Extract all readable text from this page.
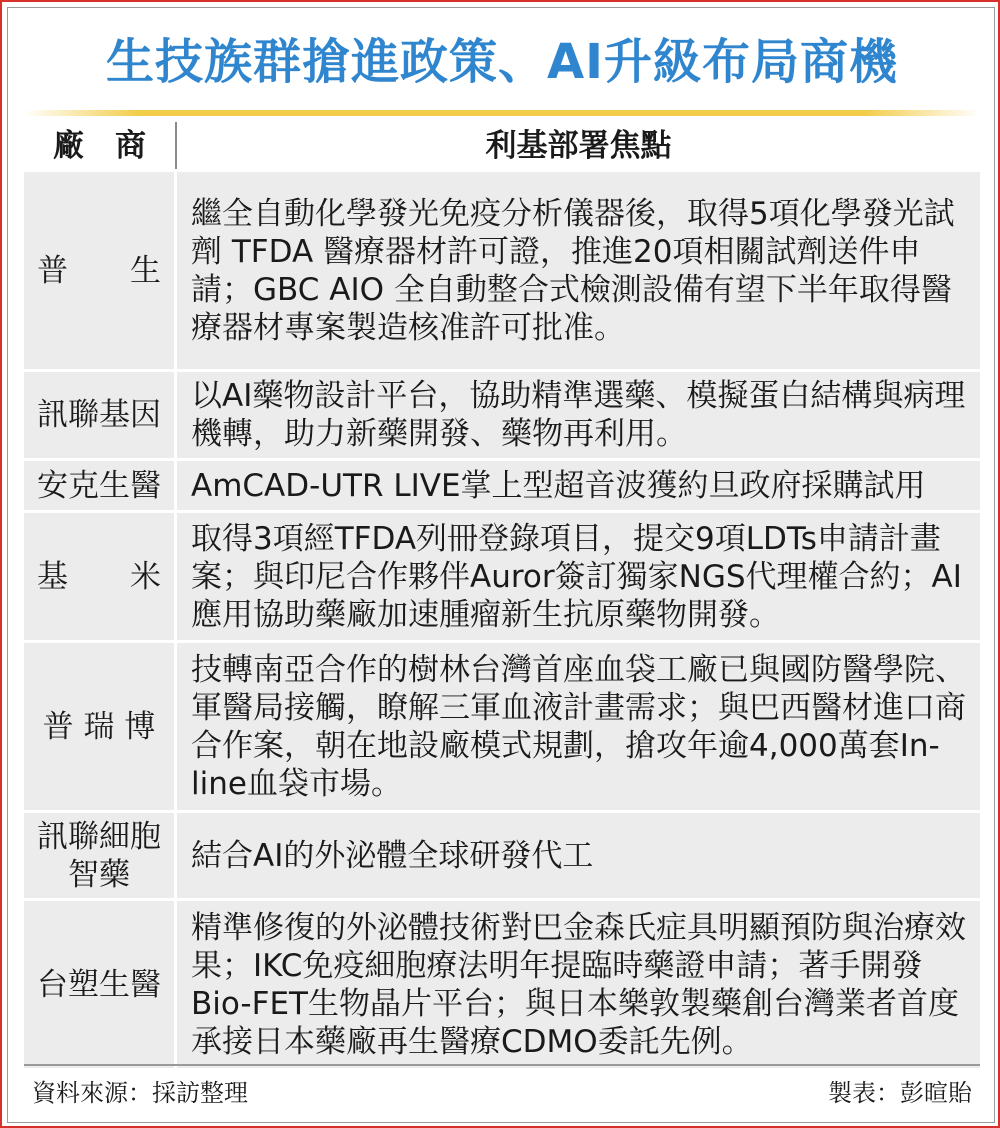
生技族群搶進政策、AI升級布局商機
廠　商	利基部署焦點
普　　生
繼全自動化學發光免疫分析儀器後，取得5項化學發光試劑 TFDA 醫療器材許可證，推進20項相關試劑送件申請；GBC AIO 全自動整合式檢測設備有望下半年取得醫療器材專案製造核准許可批准。
訊聯基因
以AI藥物設計平台，協助精準選藥、模擬蛋白結構與病理機轉，助力新藥開發、藥物再利用。
安克生醫 AmCAD-UTR LIVE掌上型超音波獲約旦政府採購試用
基　　米
取得3項經TFDA列冊登錄項目，提交9項LDTs申請計畫案；與印尼合作夥伴Auror簽訂獨家NGS代理權合約；AI應用協助藥廠加速腫瘤新生抗原藥物開發。
普 瑞 博
技轉南亞合作的樹林台灣首座血袋工廠已與國防醫學院、軍醫局接觸，瞭解三軍血液計畫需求；與巴西醫材進口商合作案，朝在地設廠模式規劃，搶攻年逾4,000萬套In-line血袋市場。
訊聯細胞智藥
結合AI的外泌體全球研發代工
台塑生醫
精準修復的外泌體技術對巴金森氏症具明顯預防與治療效果；IKC免疫細胞療法明年提臨時藥證申請；著手開發Bio-FET生物晶片平台；與日本樂敦製藥創台灣業者首度承接日本藥廠再生醫療CDMO委託先例。
資料來源：採訪整理	製表：彭暄貽
